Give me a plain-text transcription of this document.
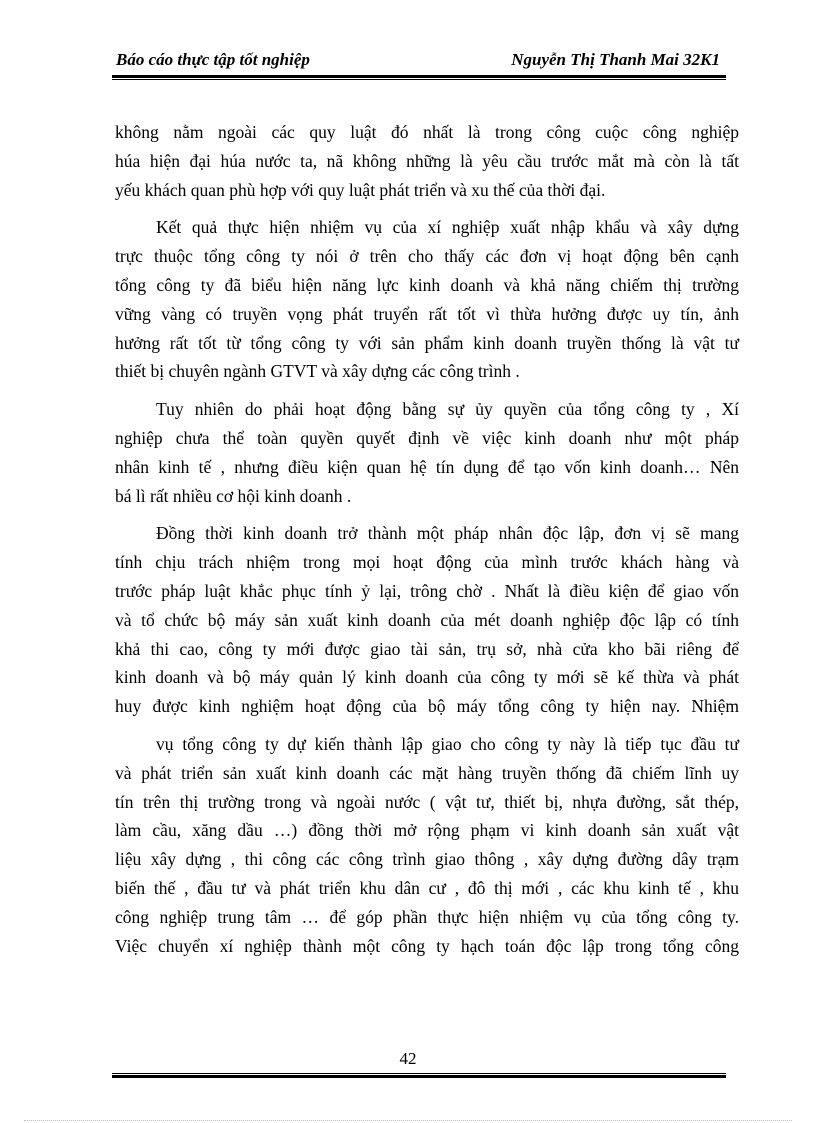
Báo cáo thực tập tốt nghiệp	Nguyễn Thị Thanh Mai 32K1
không nằm ngoài các quy luật đó nhất là trong công cuộc công nghiệp
húa hiện đại húa nước ta, nã không những là yêu cầu trước mắt mà còn là tất
yếu khách quan phù hợp với quy luật phát triển và xu thế của thời đại.
Kết quả thực hiện nhiệm vụ của xí nghiệp xuất nhập khẩu và xây dựng
trực thuộc tổng công ty nói ở trên cho thấy các đơn vị hoạt động bên cạnh
tổng công ty đã biểu hiện năng lực kinh doanh và khả năng chiếm thị trường
vững vàng có truyền vọng phát truyển rất tốt vì thừa hưởng được uy tín, ảnh
hưởng rất tốt từ tổng công ty với sản phẩm kinh doanh truyền thống là vật tư
thiết bị chuyên ngành GTVT và xây dựng các công trình .
Tuy nhiên do phải hoạt động bằng sự ủy quyền của tổng công ty , Xí
nghiệp chưa thể toàn quyền quyết định về việc kinh doanh như một pháp
nhân kinh tế , nhưng điều kiện quan hệ tín dụng để tạo vốn kinh doanh… Nên
bá lì rất nhiều cơ hội kinh doanh .
Đồng thời kinh doanh trở thành một pháp nhân độc lập, đơn vị sẽ mang
tính chịu trách nhiệm trong mọi hoạt động của mình trước khách hàng và
trước pháp luật khắc phục tính ỷ lại, trông chờ . Nhất là điều kiện để giao vốn
và tổ chức bộ máy sản xuất kinh doanh của mét doanh nghiệp độc lập có tính
khả thi cao, công ty mới được giao tài sản, trụ sở, nhà cửa kho bãi riêng để
kinh doanh và bộ máy quản lý kinh doanh của công ty mới sẽ kế thừa và phát
huy được kinh nghiệm hoạt động của bộ máy tổng công ty hiện nay. Nhiệm
vụ tổng công ty dự kiến thành lập giao cho công ty này là tiếp tục đầu tư
và phát triển sản xuất kinh doanh các mặt hàng truyền thống đã chiếm lĩnh uy
tín trên thị trường trong và ngoài nước ( vật tư, thiết bị, nhựa đường, sắt thép,
làm cầu, xăng dầu …) đồng thời mở rộng phạm vi kinh doanh sản xuất vật
liệu xây dựng , thi công các công trình giao thông , xây dựng đường dây trạm
biến thế , đầu tư và phát triển khu dân cư , đô thị mới , các khu kinh tế , khu
công nghiệp trung tâm … để góp phần thực hiện nhiệm vụ của tổng công ty.
Việc chuyển xí nghiệp thành một công ty hạch toán độc lập trong tổng công
42
